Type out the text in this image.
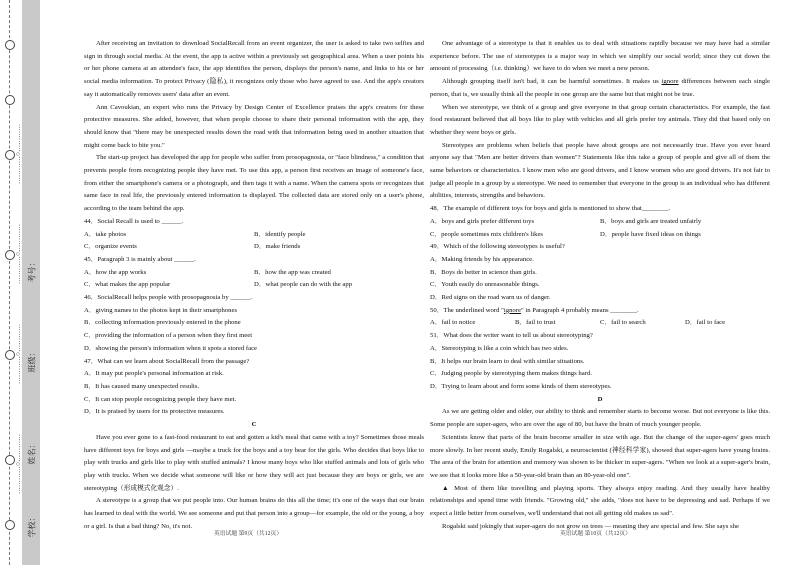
…………○…………
…………○…………
…………○…………
…………○…………
学校：
姓名：
班级：
考号：

After receiving an invitation to download SocialRecall from an event organizer, the user is asked to take two selfies and sign in through social media. At the event, the app is active within a previously set geographical area. When a user points his or her phone camera at an attendee's face, the app identifies the person, displays the person's name, and links to his or her social media information. To protect Privacy (隐私), it recognizes only those who have agreed to use. And the app's creators say it automatically removes users' data after an event.

Ann Cavoukian, an expert who runs the Privacy by Design Center of Excellence praises the app's creators for these protective measures. She added, however, that when people choose to share their personal information with the app, they should know that "there may be unexpected results down the road with that information being used in another situation that might come back to bite you."

The start-up project has developed the app for people who suffer from prosopagnosia, or "face blindness," a condition that prevents people from recognizing people they have met. To use this app, a person first receives an image of someone's face, from either the smartphone's camera or a photograph, and then tags it with a name. When the camera spots or recognizes that same face in real life, the previously entered information is displayed. The collected data are stored only on a user's phone, according to the team behind the app.

44．Social Recall is used to ______.

A．take photos	B．identify people
C．organize events	D．make friends

45．Paragraph 3 is mainly about ______.

A．how the app works	B．how the app was created
C．what makes the app popular	D．what people can do with the app

46．SocialRecall helps people with prosopagnosia by ______.

A．giving names to the photos kept in their smartphones

B．collecting information previously entered in the phone

C．providing the information of a person when they first meet

D．showing the person's information when it spots a stored face

47．What can we learn about SocialRecall from the passage?

A．It may put people's personal information at risk.

B．It has caused many unexpected results.

C．It can stop people recognizing people they have met.

D．It is praised by users for its protective measures.

C

Have you ever gone to a fast-food restaurant to eat and gotten a kid's meal that came with a toy? Sometimes those meals have different toys for boys and girls —maybe a truck for the boys and a toy bear for the girls. Who decides that boys like to play with trucks and girls like to play with stuffed animals? I know many boys who like stuffed animals and lots of girls who play with trucks. When we decide what someone will like or how they will act just because they are boys or girls, we are stereotyping（形成模式化观念）.

A stereotype is a group that we put people into. Our human brains do this all the time; it's one of the ways that our brain has learned to deal with the world. We see someone and put that person into a group—for example, the old or the young, a boy or a girl. Is that a bad thing? No, it's not.

英语试题 第9页（共12页）

One advantage of a stereotype is that it enables us to deal with situations rapidly because we may have had a similar experience before. The use of stereotypes is a major way in which we simplify our social world; since they cut down the amount of processing（i.e. thinking）we have to do when we meet a new person.

Although grouping itself isn't bad, it can be harmful sometimes. It makes us ignore differences between each single person, that is, we usually think all the people in one group are the same but that might not be true.

When we stereotype, we think of a group and give everyone in that group certain characteristics. For example, the fast food restaurant believed that all boys like to play with vehicles and all girls prefer toy animals. They did that based only on whether they were boys or girls.

Stereotypes are problems when beliefs that people have about groups are not necessarily true. Have you ever heard anyone say that "Men are better drivers than women"? Statements like this take a group of people and give all of them the same behaviors or characteristics. I know men who are good drivers, and I know women who are good drivers. It's not fair to judge all people in a group by a stereotype. We need to remember that everyone in the group is an individual who has different abilities, interests, strengths and behaviors.

48．The example of different toys for boys and girls is mentioned to show that________.

A．boys and girls prefer different toys	B．boys and girls are treated unfairly
C．people sometimes mix children's likes	D．people have fixed ideas on things

49．Which of the following stereotypes is useful?

A．Making friends by his appearance.

B．Boys do better in science than girls.

C．Youth easily do unreasonable things.

D．Red signs on the road warn us of danger.

50．The underlined word "ignore" in Paragraph 4 probably means ________.

A．fail to notice	B．fail to trust	C．fail to search	D．fail to face

51．What does the writer want to tell us about stereotyping?

A．Stereotyping is like a coin which has two sides.

B．It helps our brain learn to deal with similar situations.

C．Judging people by stereotyping them makes things hard.

D．Trying to learn about and form some kinds of them stereotypes.

D

As we are getting older and older, our ability to think and remember starts to become worse. But not everyone is like this. Some people are super-agers, who are over the age of 80, but have the brain of much younger people.

Scientists know that parts of the brain become smaller in size with age. But the change of the super-agers' goes much more slowly. In her recent study, Emily Rogalski, a neuroscientist (神经科学家), showed that super-agers have young brains. The area of the brain for attention and memory was shown to be thicker in super-agers. "When we look at a super-ager's brain, we see that it looks more like a 50-year-old brain than an 80-year-old one".

▲ Most of them like travelling and playing sports. They always enjoy reading. And they usually have healthy relationships and spend time with friends. "Growing old," she adds, "does not have to be depressing and sad. Perhaps if we expect a little better from ourselves, we'll understand that not all getting old makes us sad".

Rogalski said jokingly that super-agers do not grow on trees — meaning they are special and few. She says she

英语试题 第10页（共12页）
